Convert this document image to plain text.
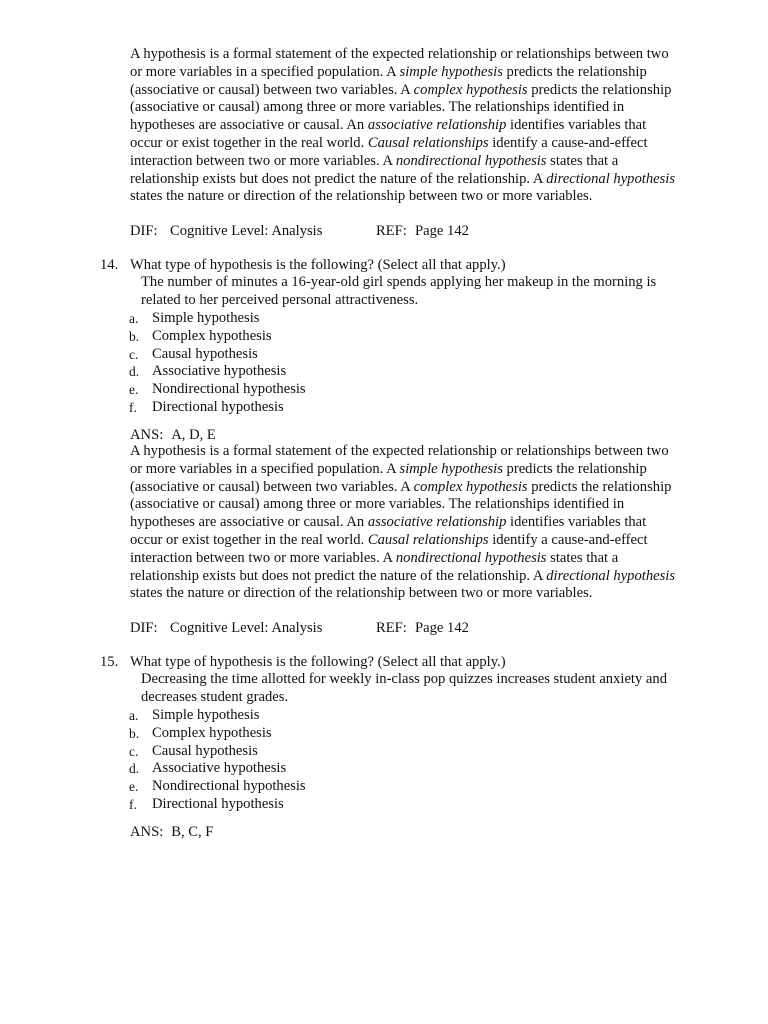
A hypothesis is a formal statement of the expected relationship or relationships between two
or more variables in a specified population. A simple hypothesis predicts the relationship
(associative or causal) between two variables. A complex hypothesis predicts the relationship
(associative or causal) among three or more variables. The relationships identified in
hypotheses are associative or causal. An associative relationship identifies variables that
occur or exist together in the real world. Causal relationships identify a cause-and-effect
interaction between two or more variables. A nondirectional hypothesis states that a
relationship exists but does not predict the nature of the relationship. A directional hypothesis
states the nature or direction of the relationship between two or more variables.
DIF: Cognitive Level: Analysis	REF: Page 142
14. What type of hypothesis is the following? (Select all that apply.)
The number of minutes a 16-year-old girl spends applying her makeup in the morning is
related to her perceived personal attractiveness.
a. Simple hypothesis
b. Complex hypothesis
c. Causal hypothesis
d. Associative hypothesis
e. Nondirectional hypothesis
f. Directional hypothesis
ANS: A, D, E
A hypothesis is a formal statement of the expected relationship or relationships between two
or more variables in a specified population. A simple hypothesis predicts the relationship
(associative or causal) between two variables. A complex hypothesis predicts the relationship
(associative or causal) among three or more variables. The relationships identified in
hypotheses are associative or causal. An associative relationship identifies variables that
occur or exist together in the real world. Causal relationships identify a cause-and-effect
interaction between two or more variables. A nondirectional hypothesis states that a
relationship exists but does not predict the nature of the relationship. A directional hypothesis
states the nature or direction of the relationship between two or more variables.
DIF: Cognitive Level: Analysis	REF: Page 142
15. What type of hypothesis is the following? (Select all that apply.)
Decreasing the time allotted for weekly in-class pop quizzes increases student anxiety and
decreases student grades.
a. Simple hypothesis
b. Complex hypothesis
c. Causal hypothesis
d. Associative hypothesis
e. Nondirectional hypothesis
f. Directional hypothesis
ANS: B, C, F
